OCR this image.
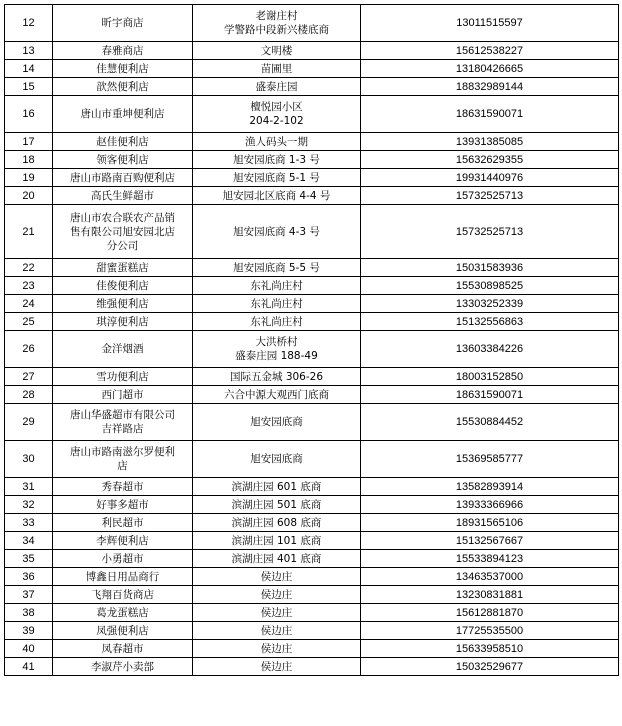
12	昕宇商店	老谢庄村
学警路中段新兴楼底商	13011515597
13	春雅商店	文明楼	15612538227
14	佳慧便利店	苗圃里	13180426665
15	歆然便利店	盛泰庄园	18832989144
16	唐山市重坤便利店	檀悦园小区
204-2-102	18631590071
17	赵佳便利店	渔人码头一期	13931385085
18	领客便利店	旭安园底商 1-3 号	15632629355
19	唐山市路南百购便利店	旭安园底商 5-1 号	19931440976
20	高氏生鲜超市	旭安园北区底商 4-4 号	15732525713
21	唐山市农合联农产品销
售有限公司旭安园北店
分公司	旭安园底商 4-3 号	15732525713
22	甜蜜蛋糕店	旭安园底商 5-5 号	15031583936
23	佳俊便利店	东礼尚庄村	15530898525
24	维强便利店	东礼尚庄村	13303252339
25	琪淳便利店	东礼尚庄村	15132556863
26	金洋烟酒	大洪桥村
盛泰庄园 188-49	13603384226
27	雪功便利店	国际五金城 306-26	18003152850
28	西门超市	六合中源大观西门底商	18631590071
29	唐山华盛超市有限公司
吉祥路店	旭安园底商	15530884452
30	唐山市路南滋尔罗便利
店	旭安园底商	15369585777
31	秀春超市	滨湖庄园 601 底商	13582893914
32	好事多超市	滨湖庄园 501 底商	13933366966
33	利民超市	滨湖庄园 608 底商	18931565106
34	李辉便利店	滨湖庄园 101 底商	15132567667
35	小勇超市	滨湖庄园 401 底商	15533894123
36	博鑫日用品商行	侯边庄	13463537000
37	飞翔百货商店	侯边庄	13230831881
38	葛龙蛋糕店	侯边庄	15612881870
39	凤强便利店	侯边庄	17725535500
40	凤春超市	侯边庄	15633958510
41	李淑芹小卖部	侯边庄	15032529677
